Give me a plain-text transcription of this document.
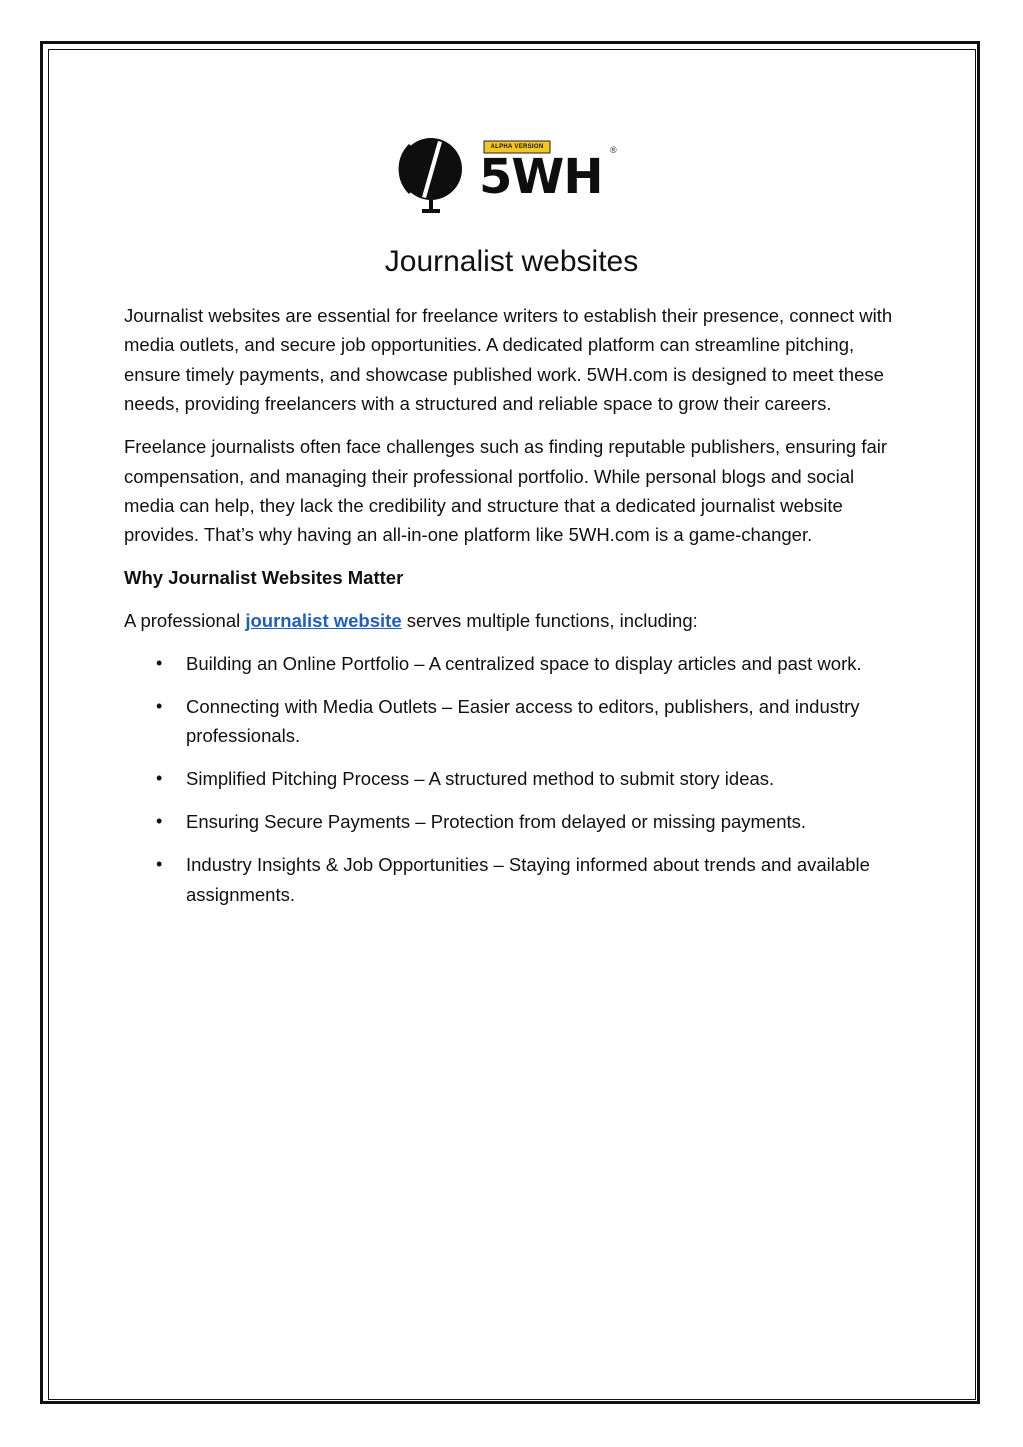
ALPHA VERSION
5WH ®
Journalist websites

Journalist websites are essential for freelance writers to establish their presence, connect with media outlets, and secure job opportunities. A dedicated platform can streamline pitching, ensure timely payments, and showcase published work. 5WH.com is designed to meet these needs, providing freelancers with a structured and reliable space to grow their careers.

Freelance journalists often face challenges such as finding reputable publishers, ensuring fair compensation, and managing their professional portfolio. While personal blogs and social media can help, they lack the credibility and structure that a dedicated journalist website provides. That’s why having an all-in-one platform like 5WH.com is a game-changer.

Why Journalist Websites Matter

A professional journalist website serves multiple functions, including:

• Building an Online Portfolio – A centralized space to display articles and past work.
• Connecting with Media Outlets – Easier access to editors, publishers, and industry professionals.
• Simplified Pitching Process – A structured method to submit story ideas.
• Ensuring Secure Payments – Protection from delayed or missing payments.
• Industry Insights & Job Opportunities – Staying informed about trends and available assignments.
